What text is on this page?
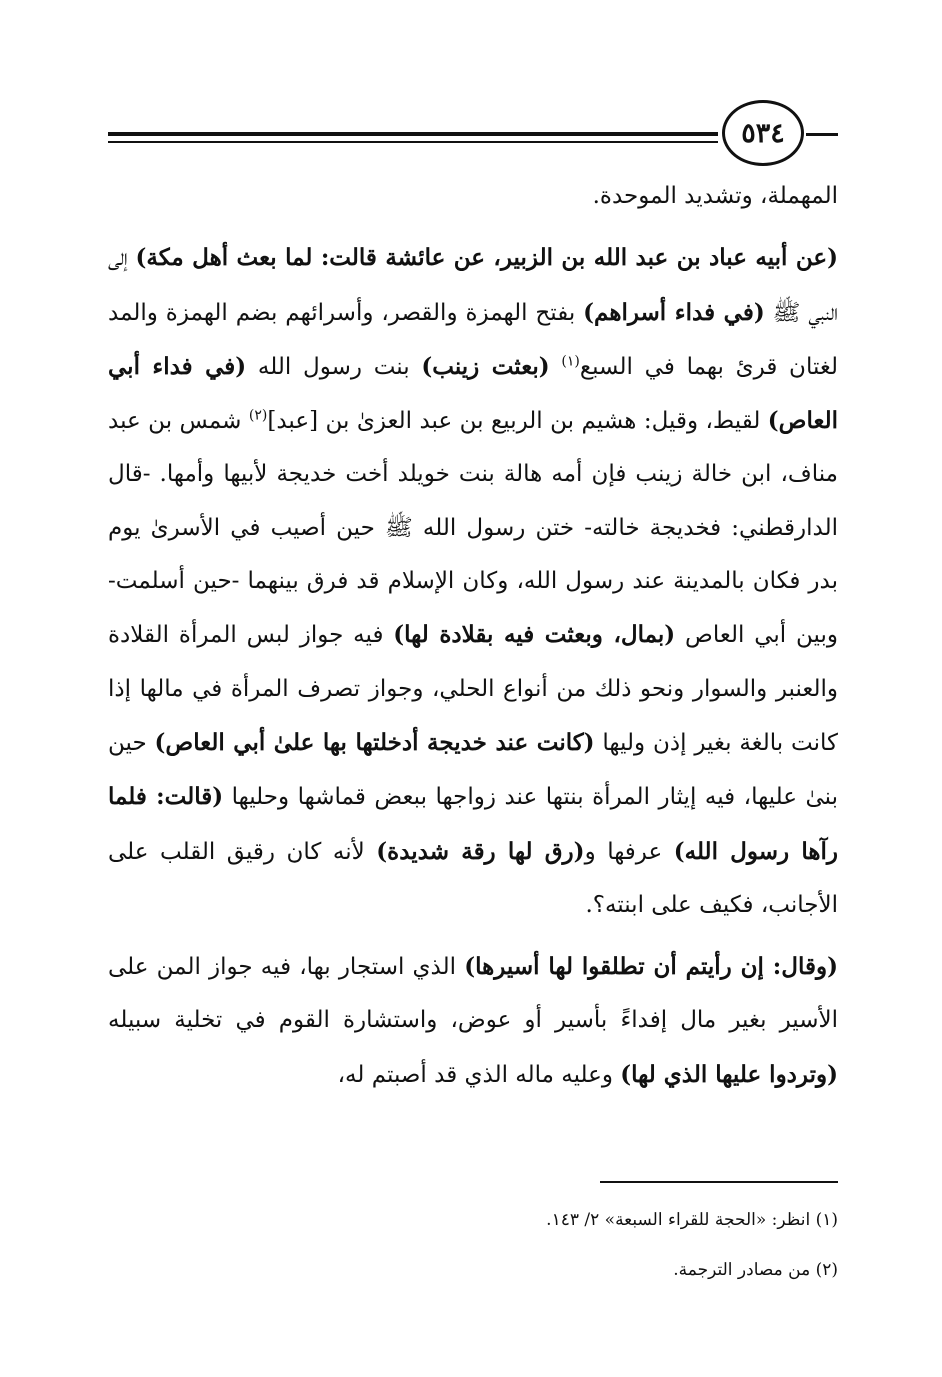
٥٣٤

المهملة، وتشديد الموحدة.

(عن أبيه عباد بن عبد الله بن الزبير، عن عائشة قالت: لما بعث أهل مكة) إلى النبي ﷺ (في فداء أسراهم) بفتح الهمزة والقصر، وأسرائهم بضم الهمزة والمد لغتان قرئ بهما في السبع$^{(١)}$ (بعثت زينب) بنت رسول الله (في فداء أبي العاص) لقيط، وقيل: هشيم بن الربيع بن عبد العزىٰ بن [عبد]$^{(٢)}$ شمس بن عبد مناف، ابن خالة زينب فإن أمه هالة بنت خويلد أخت خديجة لأبيها وأمها. -قال الدارقطني: فخديجة خالته- ختن رسول الله ﷺ حين أصيب في الأسرىٰ يوم بدر فكان بالمدينة عند رسول الله، وكان الإسلام قد فرق بينهما -حين أسلمت- وبين أبي العاص (بمال، وبعثت فيه بقلادة لها) فيه جواز لبس المرأة القلادة والعنبر والسوار ونحو ذلك من أنواع الحلي، وجواز تصرف المرأة في مالها إذا كانت بالغة بغير إذن وليها (كانت عند خديجة أدخلتها بها علىٰ أبي العاص) حين بنىٰ عليها، فيه إيثار المرأة بنتها عند زواجها ببعض قماشها وحليها (قالت: فلما رآها رسول الله) عرفها و(رق لها رقة شديدة) لأنه كان رقيق القلب على الأجانب، فكيف على ابنته؟.

(وقال: إن رأيتم أن تطلقوا لها أسيرها) الذي استجار بها، فيه جواز المن على الأسير بغير مال إفداءً بأسير أو عوض، واستشارة القوم في تخلية سبيله (وتردوا عليها الذي لها) وعليه ماله الذي قد أصبتم له،

(١) انظر: «الحجة للقراء السبعة» ٢/ ١٤٣.

(٢) من مصادر الترجمة.
